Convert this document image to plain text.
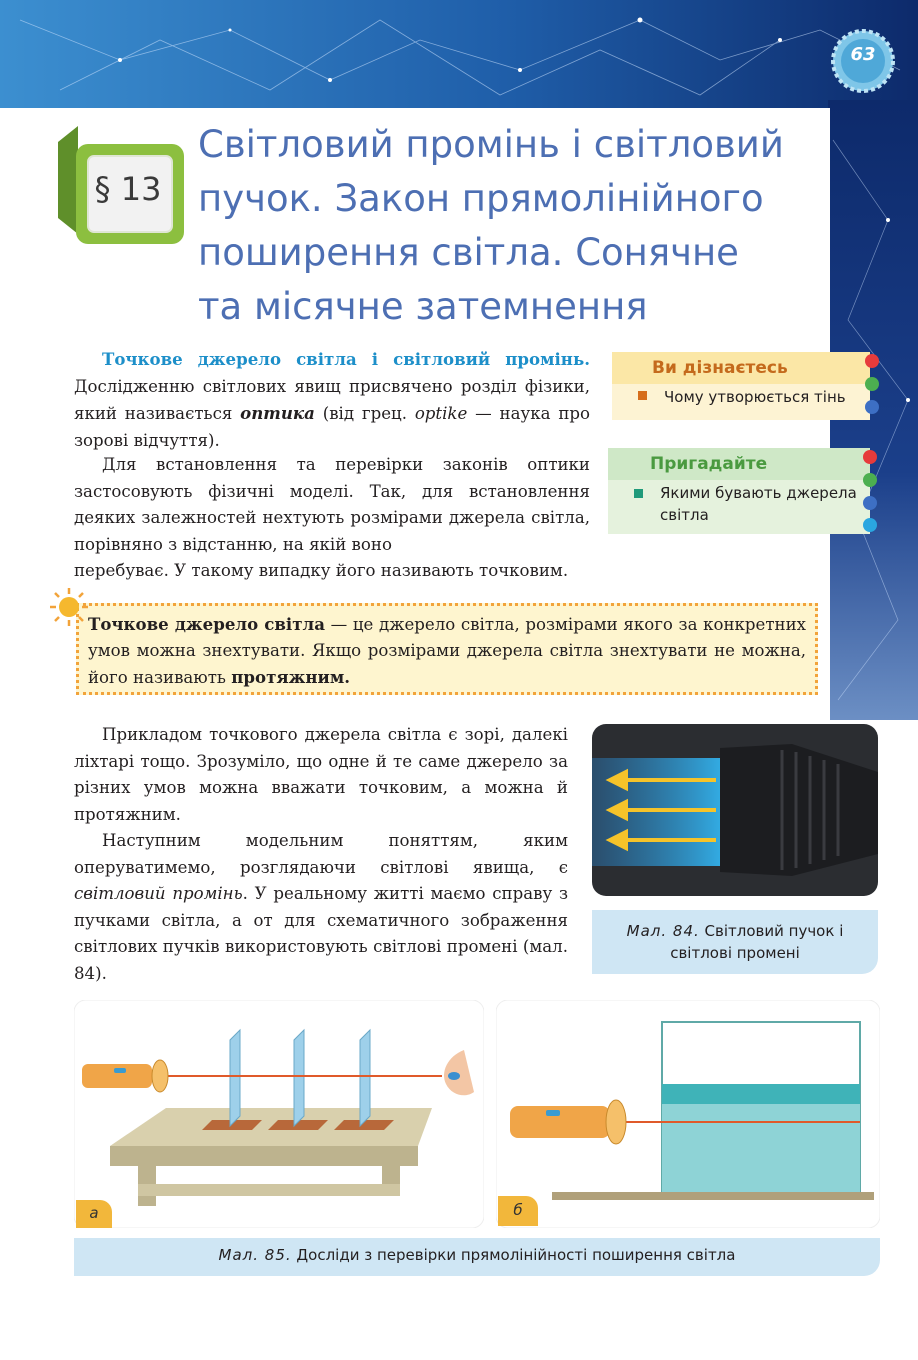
63
§ 13
Світловий промінь і світловий
пучок. Закон прямолінійного
поширення світла. Сонячне
та місячне затемнення
Точкове джерело світла і світловий промінь. Дослідженню світлових явищ присвячено розділ фізики, який називається оптика (від грец. optike — наука про зорові відчуття).
Для встановлення та перевірки законів оптики застосовують фізичні моделі. Так, для встановлення деяких залежностей нехтують розмірами джерела світла, порівняно з відстанню, на якій воно
перебуває. У такому випадку його називають точковим.
Ви дізнаєтесь
Чому утворюється тінь
Пригадайте
Якими бувають джерела світла
Точкове джерело світла — це джерело світла, розмірами якого за конкретних умов можна знехтувати. Якщо розмірами джерела світла знехтувати не можна, його називають протяжним.
Прикладом точкового джерела світла є зорі, далекі ліхтарі тощо. Зрозуміло, що одне й те саме джерело за різних умов можна вважати точковим, а можна й протяжним.
Наступним модельним поняттям, яким оперуватимемо, розглядаючи світлові явища, є світловий промінь. У реальному житті маємо справу з пучками світла, а от для схематичного зображення світлових пучків використовують світлові промені (мал. 84).
Мал. 84. Світловий пучок і світлові промені
а	б
Мал. 85. Досліди з перевірки прямолінійності поширення світла
